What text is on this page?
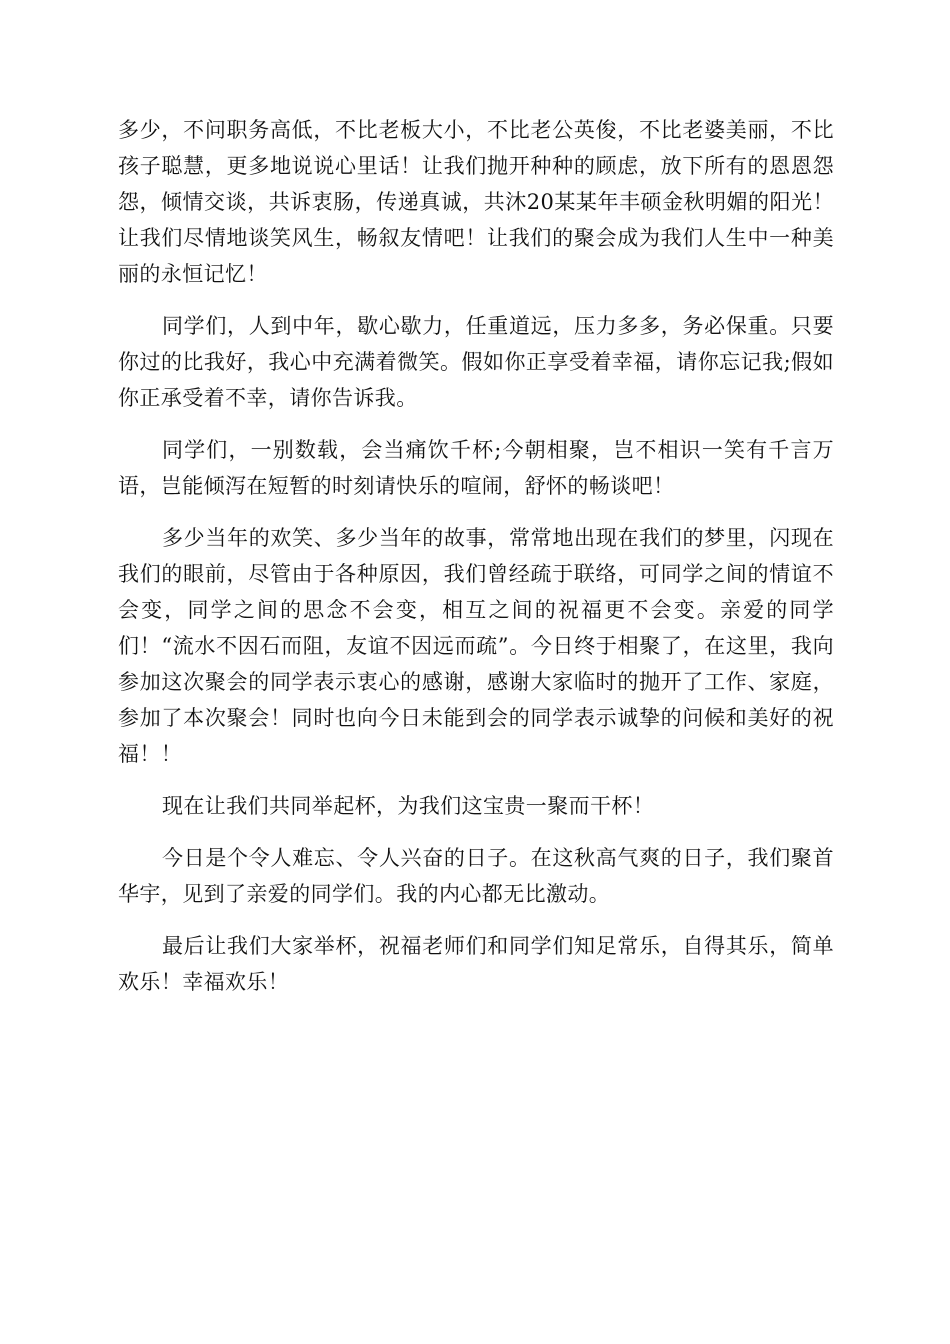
多少，不问职务高低，不比老板大小，不比老公英俊，不比老婆美丽，不比孩子聪慧，更多地说说心里话！让我们抛开种种的顾虑，放下所有的恩恩怨怨，倾情交谈，共诉衷肠，传递真诚，共沐20某某年丰硕金秋明媚的阳光！让我们尽情地谈笑风生，畅叙友情吧！让我们的聚会成为我们人生中一种美丽的永恒记忆！

同学们，人到中年，歇心歇力，任重道远，压力多多，务必保重。只要你过的比我好，我心中充满着微笑。假如你正享受着幸福，请你忘记我;假如你正承受着不幸，请你告诉我。

同学们，一别数载，会当痛饮千杯;今朝相聚，岂不相识一笑有千言万语，岂能倾泻在短暂的时刻请快乐的喧闹，舒怀的畅谈吧！

多少当年的欢笑、多少当年的故事，常常地出现在我们的梦里，闪现在我们的眼前，尽管由于各种原因，我们曾经疏于联络，可同学之间的情谊不会变，同学之间的思念不会变，相互之间的祝福更不会变。亲爱的同学们！“流水不因石而阻，友谊不因远而疏”。今日终于相聚了，在这里，我向参加这次聚会的同学表示衷心的感谢，感谢大家临时的抛开了工作、家庭，参加了本次聚会！同时也向今日未能到会的同学表示诚挚的问候和美好的祝福！！

现在让我们共同举起杯，为我们这宝贵一聚而干杯！

今日是个令人难忘、令人兴奋的日子。在这秋高气爽的日子，我们聚首华宇，见到了亲爱的同学们。我的内心都无比激动。

最后让我们大家举杯，祝福老师们和同学们知足常乐，自得其乐，简单欢乐！幸福欢乐！
